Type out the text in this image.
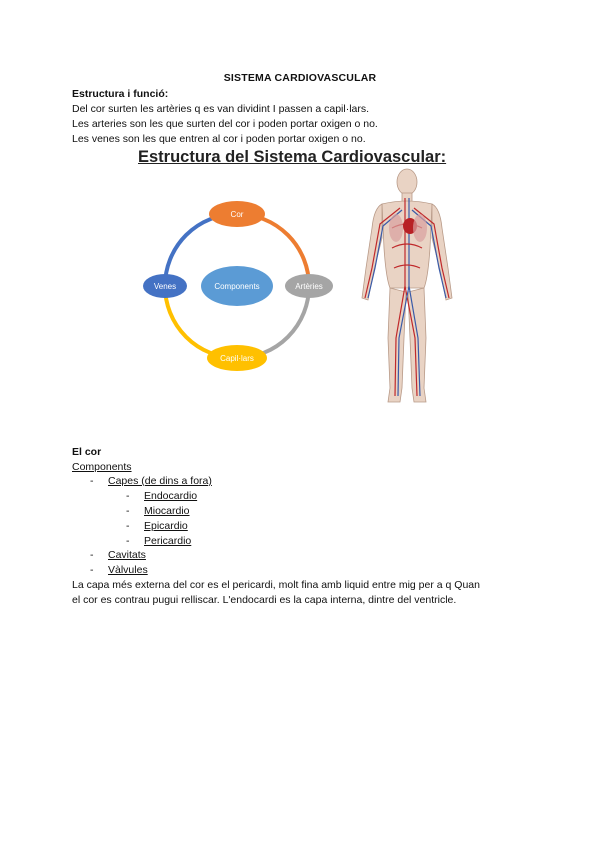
SISTEMA CARDIOVASCULAR
Estructura i funció:
Del cor surten les artèries q es van dividint I passen a capil·lars.
Les arteries son les que surten del cor i poden portar oxigen o no.
Les venes son les que entren al cor i poden portar oxigen o no.
Estructura del Sistema Cardiovascular:
Components
Cor
Artèries
Capil·lars
Venes
El cor
Components
- Capes (de dins a fora)
- Endocardio
- Miocardio
- Epicardio
- Pericardio
- Cavitats
- Vàlvules
La capa més externa del cor es el pericardi, molt fina amb liquid entre mig per a q Quan
el cor es contrau pugui relliscar. L'endocardi es la capa interna, dintre del ventricle.
